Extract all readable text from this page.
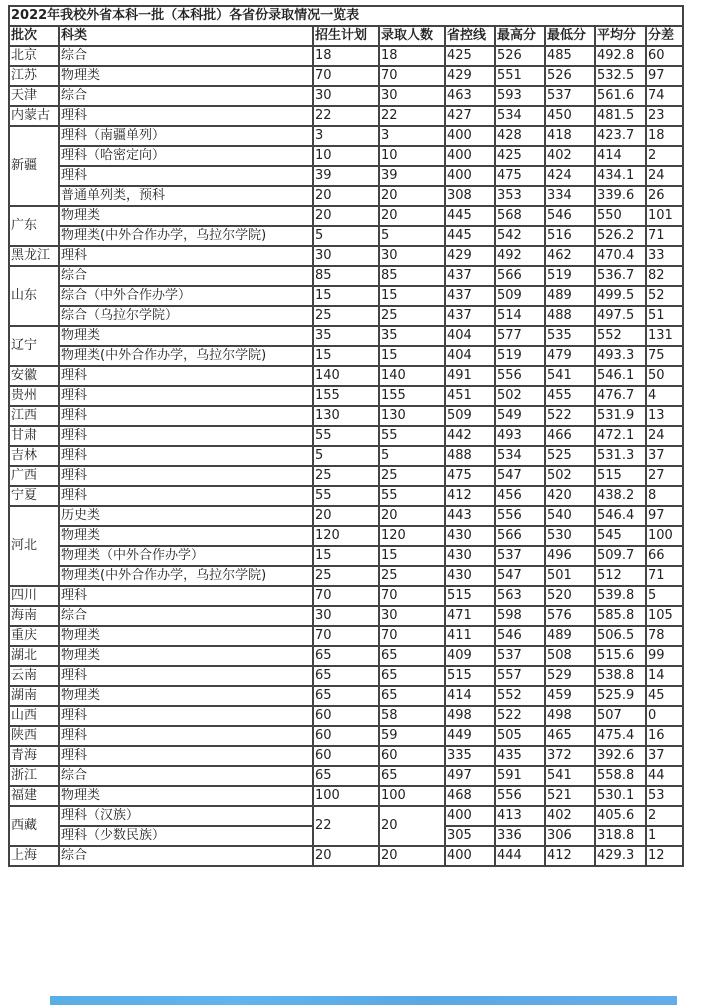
2022年我校外省本科一批（本科批）各省份录取情况一览表								
批次	科类	招生计划	录取人数	省控线	最高分	最低分	平均分	分差
北京	综合	18	18	425	526	485	492.8	60
江苏	物理类	70	70	429	551	526	532.5	97
天津	综合	30	30	463	593	537	561.6	74
内蒙古	理科	22	22	427	534	450	481.5	23
新疆	理科（南疆单列）	3	3	400	428	418	423.7	18
	理科（哈密定向）	10	10	400	425	402	414	2
	理科	39	39	400	475	424	434.1	24
	普通单列类，预科	20	20	308	353	334	339.6	26
广东	物理类	20	20	445	568	546	550	101
	物理类(中外合作办学，乌拉尔学院)	5	5	445	542	516	526.2	71
黑龙江	理科	30	30	429	492	462	470.4	33
山东	综合	85	85	437	566	519	536.7	82
	综合（中外合作办学）	15	15	437	509	489	499.5	52
	综合（乌拉尔学院）	25	25	437	514	488	497.5	51
辽宁	物理类	35	35	404	577	535	552	131
	物理类(中外合作办学，乌拉尔学院)	15	15	404	519	479	493.3	75
安徽	理科	140	140	491	556	541	546.1	50
贵州	理科	155	155	451	502	455	476.7	4
江西	理科	130	130	509	549	522	531.9	13
甘肃	理科	55	55	442	493	466	472.1	24
吉林	理科	5	5	488	534	525	531.3	37
广西	理科	25	25	475	547	502	515	27
宁夏	理科	55	55	412	456	420	438.2	8
河北	历史类	20	20	443	556	540	546.4	97
	物理类	120	120	430	566	530	545	100
	物理类（中外合作办学）	15	15	430	537	496	509.7	66
	物理类(中外合作办学，乌拉尔学院)	25	25	430	547	501	512	71
四川	理科	70	70	515	563	520	539.8	5
海南	综合	30	30	471	598	576	585.8	105
重庆	物理类	70	70	411	546	489	506.5	78
湖北	物理类	65	65	409	537	508	515.6	99
云南	理科	65	65	515	557	529	538.8	14
湖南	物理类	65	65	414	552	459	525.9	45
山西	理科	60	58	498	522	498	507	0
陕西	理科	60	59	449	505	465	475.4	16
青海	理科	60	60	335	435	372	392.6	37
浙江	综合	65	65	497	591	541	558.8	44
福建	物理类	100	100	468	556	521	530.1	53
西藏	理科（汉族）	22	20	400	413	402	405.6	2
	理科（少数民族）			305	336	306	318.8	1
上海	综合	20	20	400	444	412	429.3	12
